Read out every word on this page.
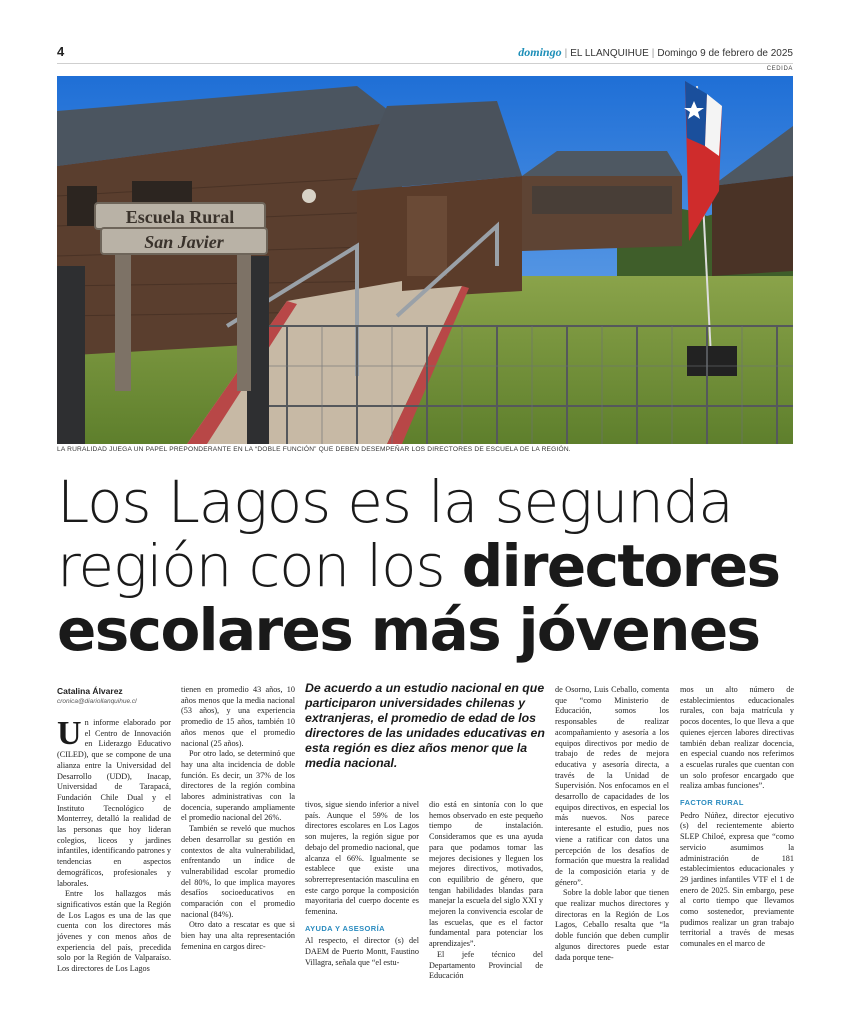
4	domingo | EL LLANQUIHUE | Domingo 9 de febrero de 2025
CEDIDA
Escuela Rural
San Javier
LA RURALIDAD JUEGA UN PAPEL PREPONDERANTE EN LA “DOBLE FUNCIÓN” QUE DEBEN DESEMPEÑAR LOS DIRECTORES DE ESCUELA DE LA REGIÓN.
Los Lagos es la segunda región con los directores escolares más jóvenes
Catalina Álvarez
cronica@diariollanquihue.cl

Un informe elaborado por el Centro de Innovación en Liderazgo Educativo (CILED), que se compone de una alianza entre la Universidad del Desarrollo (UDD), Inacap, Universidad de Tarapacá, Fundación Chile Dual y el Instituto Tecnológico de Monterrey, detalló la realidad de las personas que hoy lideran colegios, liceos y jardines infantiles, identificando patrones y tendencias en aspectos demográficos, profesionales y laborales.

Entre los hallazgos más significativos están que la Región de Los Lagos es una de las que cuenta con los directores más jóvenes y con menos años de experiencia del país, precedida solo por la Región de Valparaíso. Los directores de Los Lagos

tienen en promedio 43 años, 10 años menos que la media nacional (53 años), y una experiencia promedio de 15 años, también 10 años menos que el promedio nacional (25 años).

Por otro lado, se determinó que hay una alta incidencia de doble función. Es decir, un 37% de los directores de la región combina labores administrativas con la docencia, superando ampliamente el promedio nacional del 26%.

También se reveló que muchos deben desarrollar su gestión en contextos de alta vulnerabilidad, enfrentando un índice de vulnerabilidad escolar promedio del 80%, lo que implica mayores desafíos socioeducativos en comparación con el promedio nacional (84%).

Otro dato a rescatar es que si bien hay una alta representación femenina en cargos direc-

De acuerdo a un estudio nacional en que participaron universidades chilenas y extranjeras, el promedio de edad de los directores de las unidades educativas en esta región es diez años menor que la media nacional.

tivos, sigue siendo inferior a nivel país. Aunque el 59% de los directores escolares en Los Lagos son mujeres, la región sigue por debajo del promedio nacional, que alcanza el 66%. Igualmente se establece que existe una sobrerrepresentación masculina en este cargo porque la composición mayoritaria del cuerpo docente es femenina.

AYUDA Y ASESORÍA

Al respecto, el director (s) del DAEM de Puerto Montt, Faustino Villagra, señala que “el estu-

dio está en sintonía con lo que hemos observado en este pequeño tiempo de instalación. Consideramos que es una ayuda para que podamos tomar las mejores decisiones y lleguen los mejores directivos, motivados, con equilibrio de género, que tengan habilidades blandas para manejar la escuela del siglo XXI y mejoren la convivencia escolar de las escuelas, que es el factor fundamental para potenciar los aprendizajes”.

El jefe técnico del Departamento Provincial de Educación

de Osorno, Luis Ceballo, comenta que “como Ministerio de Educación, somos los responsables de realizar acompañamiento y asesoría a los equipos directivos por medio de trabajo de redes de mejora educativa y asesoría directa, a través de la Unidad de Supervisión. Nos enfocamos en el desarrollo de capacidades de los equipos directivos, en especial los más nuevos. Nos parece interesante el estudio, pues nos viene a ratificar con datos una percepción de los desafíos de formación que muestra la realidad de la composición etaria y de género”.

Sobre la doble labor que tienen que realizar muchos directores y directoras en la Región de Los Lagos, Ceballo resalta que “la doble función que deben cumplir algunos directores puede estar dada porque tene-

mos un alto número de establecimientos educacionales rurales, con baja matrícula y pocos docentes, lo que lleva a que quienes ejercen labores directivas también deban realizar docencia, en especial cuando nos referimos a escuelas rurales que cuentan con un solo profesor encargado que realiza ambas funciones”.

FACTOR RURAL

Pedro Núñez, director ejecutivo (s) del recientemente abierto SLEP Chiloé, expresa que “como servicio asumimos la administración de 181 establecimientos educacionales y 29 jardines infantiles VTF el 1 de enero de 2025. Sin embargo, pese al corto tiempo que llevamos como sostenedor, previamente pudimos realizar un gran trabajo territorial a través de mesas comunales en el marco de
